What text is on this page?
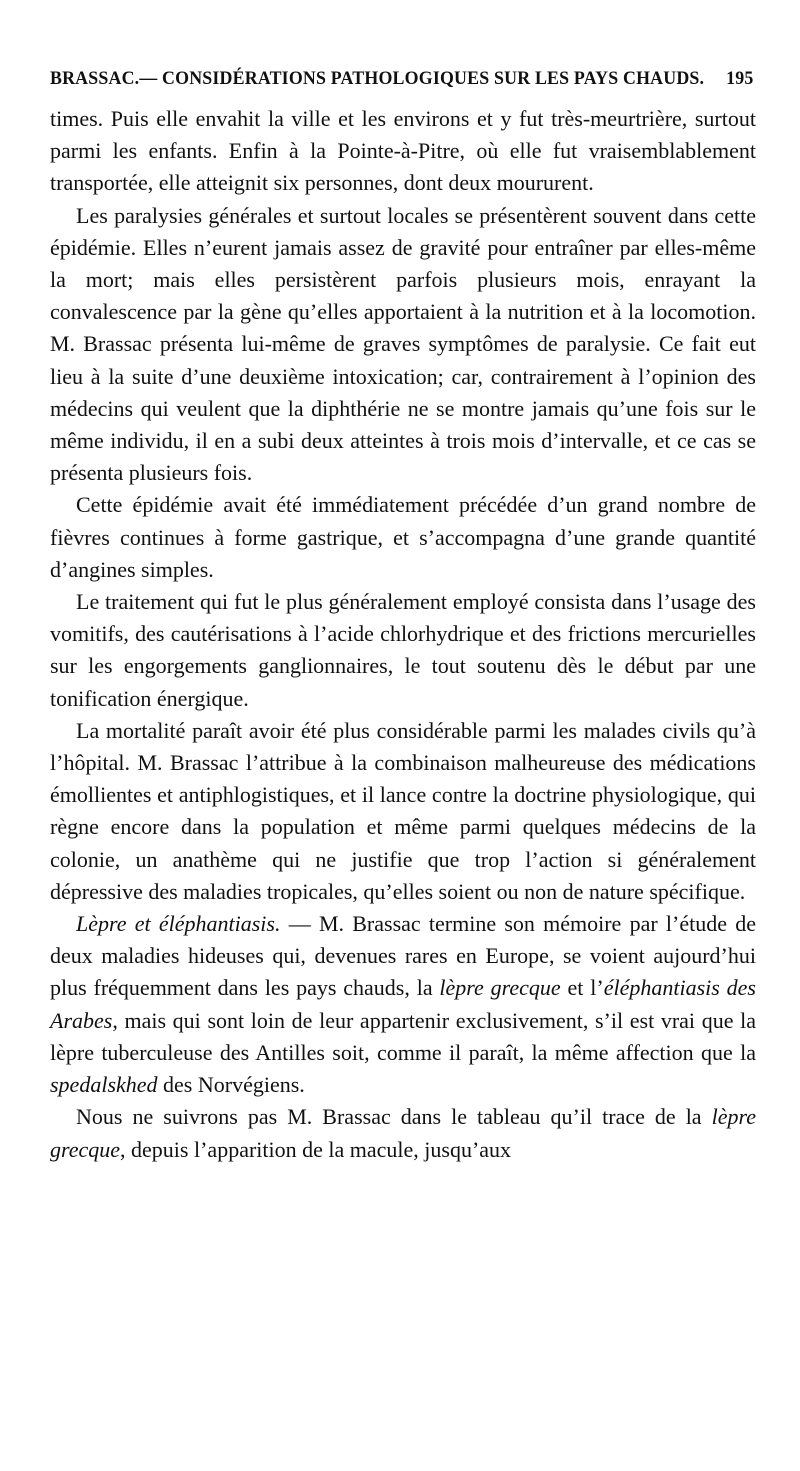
BRASSAC.— CONSIDÉRATIONS PATHOLOGIQUES SUR LES PAYS CHAUDS. 195

times. Puis elle envahit la ville et les environs et y fut très-meurtrière, surtout parmi les enfants. Enfin à la Pointe-à-Pitre, où elle fut vraisemblablement transportée, elle atteignit six personnes, dont deux moururent.

Les paralysies générales et surtout locales se présentèrent souvent dans cette épidémie. Elles n’eurent jamais assez de gravité pour entraîner par elles-même la mort; mais elles persistèrent parfois plusieurs mois, enrayant la convalescence par la gène qu’elles apportaient à la nutrition et à la locomotion. M. Brassac présenta lui-même de graves symptômes de paralysie. Ce fait eut lieu à la suite d’une deuxième intoxication; car, contrairement à l’opinion des médecins qui veulent que la diphthérie ne se montre jamais qu’une fois sur le même individu, il en a subi deux atteintes à trois mois d’intervalle, et ce cas se présenta plusieurs fois.

Cette épidémie avait été immédiatement précédée d’un grand nombre de fièvres continues à forme gastrique, et s’accompagna d’une grande quantité d’angines simples.

Le traitement qui fut le plus généralement employé consista dans l’usage des vomitifs, des cautérisations à l’acide chlorhydrique et des frictions mercurielles sur les engorgements ganglionnaires, le tout soutenu dès le début par une tonification énergique.

La mortalité paraît avoir été plus considérable parmi les malades civils qu’à l’hôpital. M. Brassac l’attribue à la combinaison malheureuse des médications émollientes et antiphlogistiques, et il lance contre la doctrine physiologique, qui règne encore dans la population et même parmi quelques médecins de la colonie, un anathème qui ne justifie que trop l’action si généralement dépressive des maladies tropicales, qu’elles soient ou non de nature spécifique.

Lèpre et éléphantiasis. — M. Brassac termine son mémoire par l’étude de deux maladies hideuses qui, devenues rares en Europe, se voient aujourd’hui plus fréquemment dans les pays chauds, la lèpre grecque et l’éléphantiasis des Arabes, mais qui sont loin de leur appartenir exclusivement, s’il est vrai que la lèpre tuberculeuse des Antilles soit, comme il paraît, la même affection que la spedalskhed des Norvégiens.

Nous ne suivrons pas M. Brassac dans le tableau qu’il trace de la lèpre grecque, depuis l’apparition de la macule, jusqu’aux
